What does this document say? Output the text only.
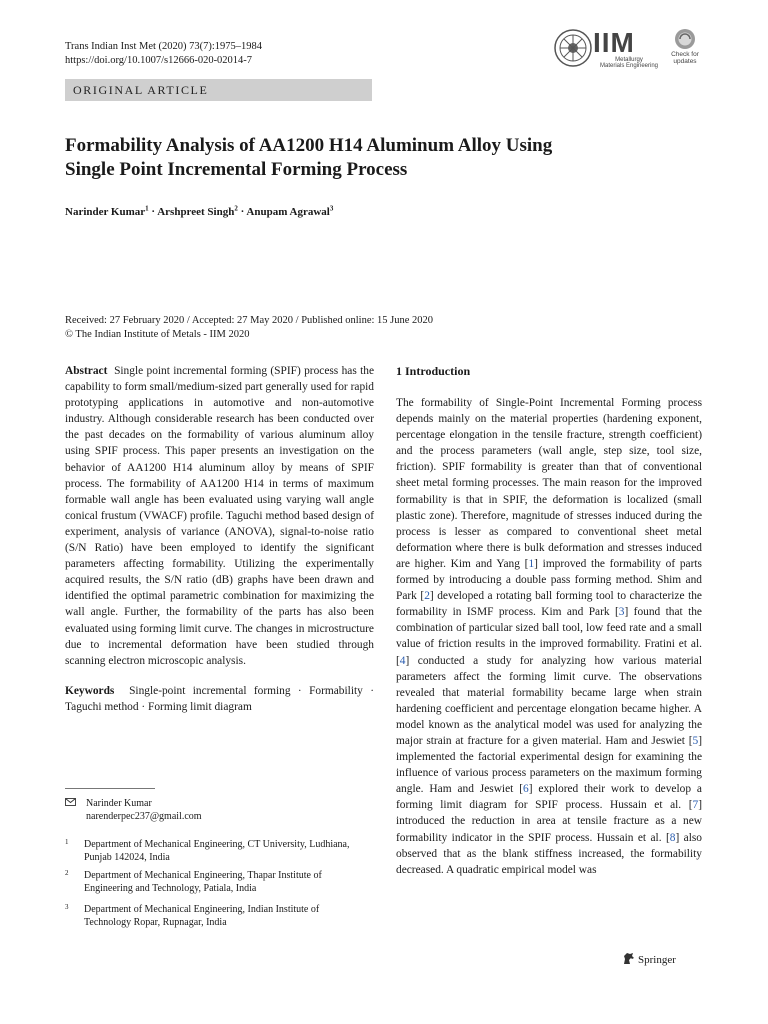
Trans Indian Inst Met (2020) 73(7):1975–1984
https://doi.org/10.1007/s12666-020-02014-7
IIM
Metallurgy
Materials Engineering
Check for
updates
ORIGINAL ARTICLE
Formability Analysis of AA1200 H14 Aluminum Alloy Using
Single Point Incremental Forming Process
Narinder Kumar$^1$ · Arshpreet Singh$^2$ · Anupam Agrawal$^3$
Received: 27 February 2020 / Accepted: 27 May 2020 / Published online: 15 June 2020
© The Indian Institute of Metals - IIM 2020

Abstract Single point incremental forming (SPIF) process has the capability to form small/medium-sized part generally used for rapid prototyping applications in automotive and non-automotive industry. Although considerable research has been conducted over the past decades on the formability of various aluminum alloy using SPIF process. This paper presents an investigation on the behavior of AA1200 H14 aluminum alloy by means of SPIF process. The formability of AA1200 H14 in terms of maximum formable wall angle has been evaluated using varying wall angle conical frustum (VWACF) profile. Taguchi method based design of experiment, analysis of variance (ANOVA), signal-to-noise ratio (S/N Ratio) have been employed to identify the significant parameters affecting formability. Utilizing the experimentally acquired results, the S/N ratio (dB) graphs have been drawn and identified the optimal parametric combination for maximizing the wall angle. Further, the formability of the parts has also been evaluated using forming limit curve. The changes in microstructure due to incremental deformation have been studied through scanning electron microscopic analysis.

Keywords Single-point incremental forming · Formability · Taguchi method · Forming limit diagram

Narinder Kumar
narenderpec237@gmail.com
1 Department of Mechanical Engineering, CT University, Ludhiana, Punjab 142024, India
2 Department of Mechanical Engineering, Thapar Institute of Engineering and Technology, Patiala, India
3 Department of Mechanical Engineering, Indian Institute of Technology Ropar, Rupnagar, India
1 Introduction

The formability of Single-Point Incremental Forming process depends mainly on the material properties (hardening exponent, percentage elongation in the tensile fracture, strength coefficient) and the process parameters (wall angle, step size, tool size, friction). SPIF formability is greater than that of conventional sheet metal forming processes. The main reason for the improved formability is that in SPIF, the deformation is localized (small plastic zone). Therefore, magnitude of stresses induced during the process is lesser as compared to conventional sheet metal deformation where there is bulk deformation and stresses induced are higher. Kim and Yang [1] improved the formability of parts formed by introducing a double pass forming method. Shim and Park [2] developed a rotating ball forming tool to characterize the formability in ISMF process. Kim and Park [3] found that the combination of particular sized ball tool, low feed rate and a small value of friction results in the improved formability. Fratini et al. [4] conducted a study for analyzing how various material parameters affect the forming limit curve. The observations revealed that material formability became large when strain hardening coefficient and percentage elongation became higher. A model known as the analytical model was used for analyzing the major strain at fracture for a given material. Ham and Jeswiet [5] implemented the factorial experimental design for examining the influence of various process parameters on the maximum forming angle. Ham and Jeswiet [6] explored their work to develop a forming limit diagram for SPIF process. Hussain et al. [7] introduced the reduction in area at tensile fracture as a new formability indicator in the SPIF process. Hussain et al. [8] also observed that as the blank stiffness increased, the formability decreased. A quadratic empirical model was

Springer
